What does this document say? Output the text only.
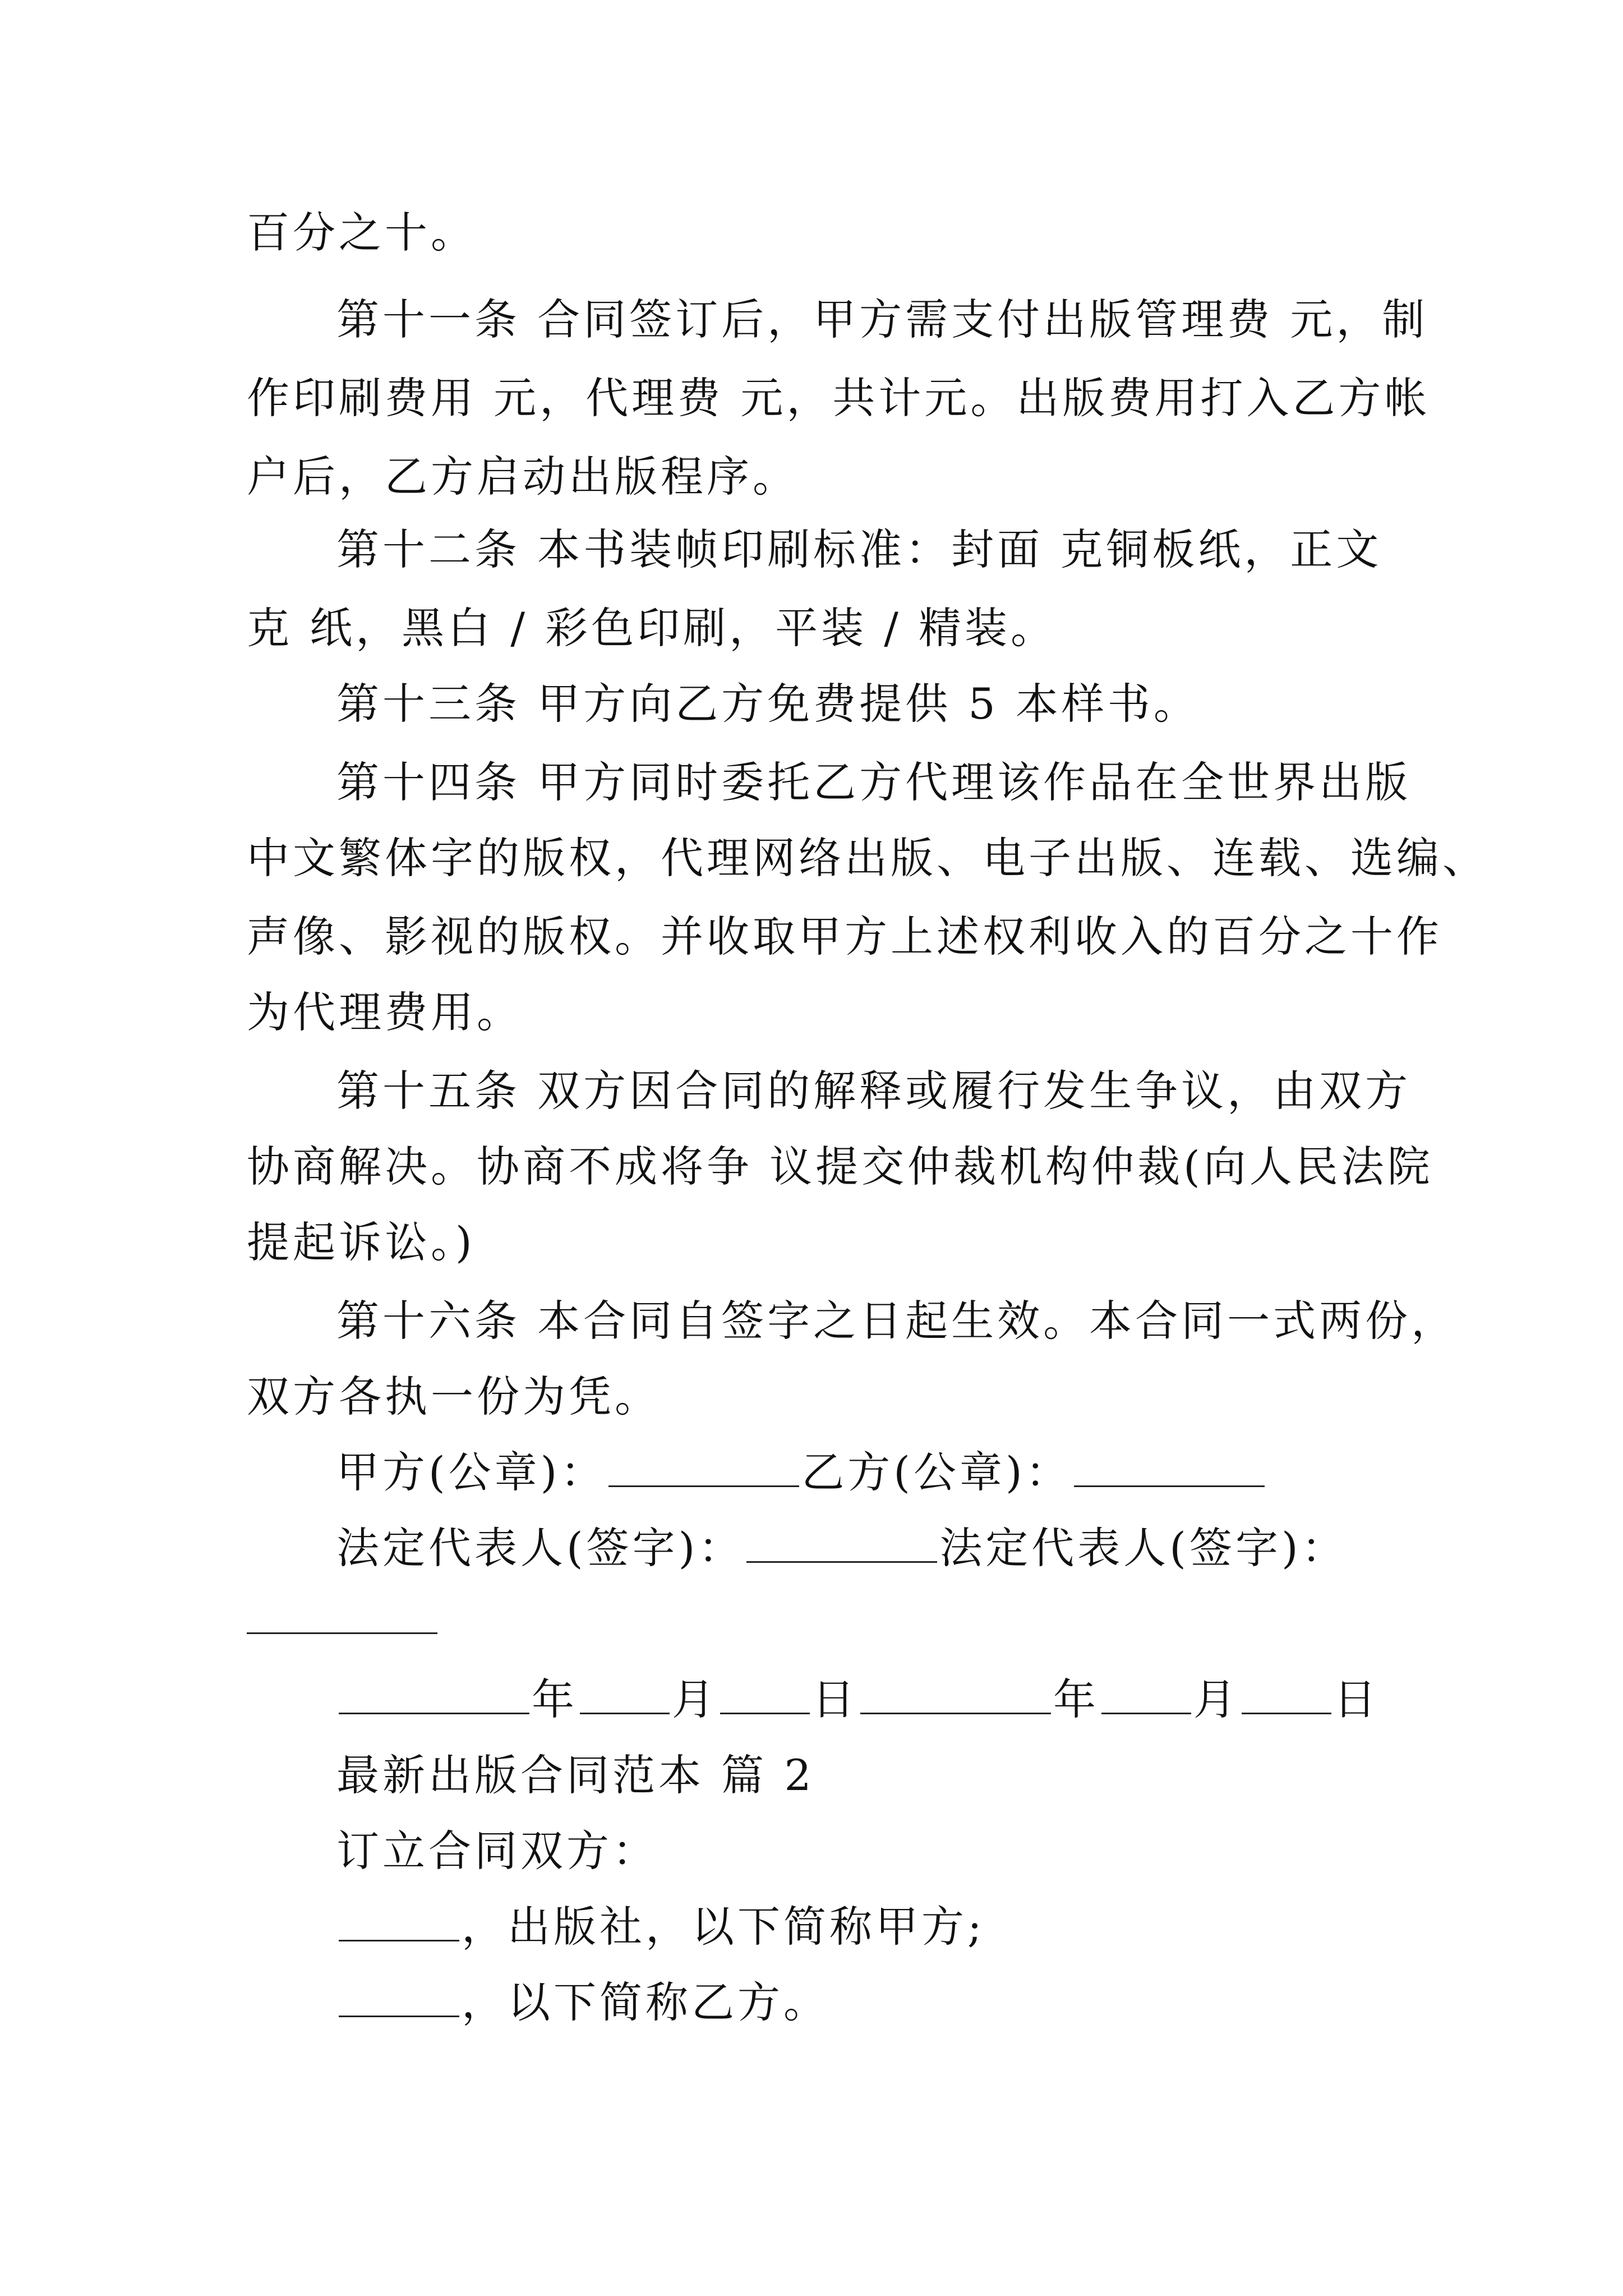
百分之十。
第十一条 合同签订后，甲方需支付出版管理费 元，制
作印刷费用 元，代理费 元，共计元。出版费用打入乙方帐
户后，乙方启动出版程序。
第十二条 本书装帧印刷标准：封面 克铜板纸，正文
克 纸，黑白 / 彩色印刷，平装 / 精装。
第十三条 甲方向乙方免费提供 5 本样书。
第十四条 甲方同时委托乙方代理该作品在全世界出版
中文繁体字的版权，代理网络出版、电子出版、连载、选编、
声像、影视的版权。并收取甲方上述权利收入的百分之十作
为代理费用。
第十五条 双方因合同的解释或履行发生争议，由双方
协商解决。协商不成将争 议提交仲裁机构仲裁(向人民法院
提起诉讼。)
第十六条 本合同自签字之日起生效。本合同一式两份，
双方各执一份为凭。
甲方(公章)：	乙方(公章)：
法定代表人(签字)：	法定代表人(签字)：
年 月 日	年 月 日
最新出版合同范本 篇 2
订立合同双方：
，出版社，以下简称甲方;
，以下简称乙方。
